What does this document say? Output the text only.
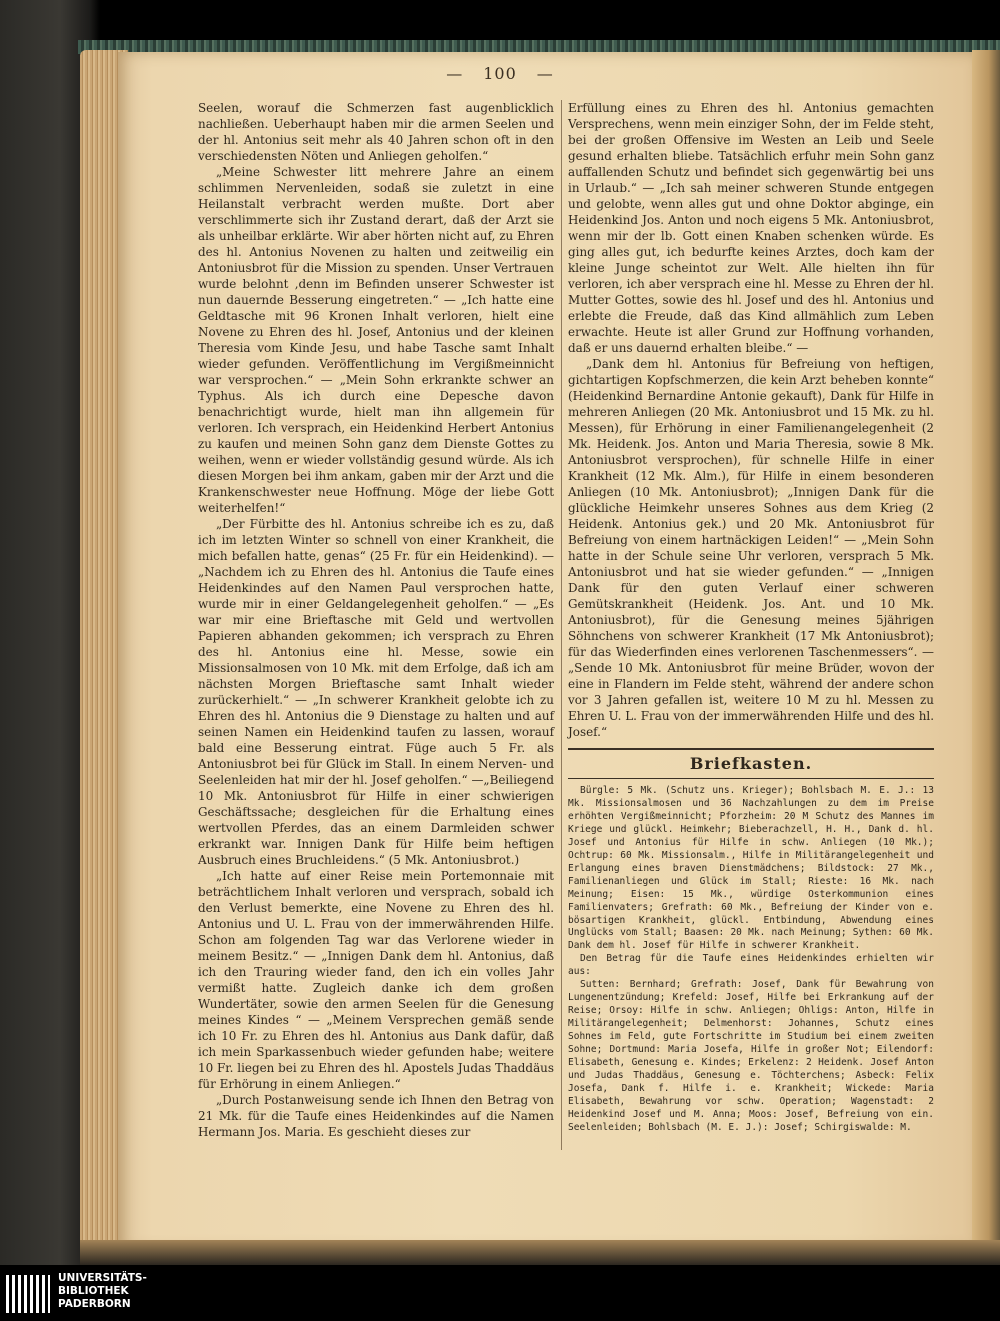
— 100 —

Seelen, worauf die Schmerzen fast augenblicklich nachließen. Ueberhaupt haben mir die armen Seelen und der hl. Antonius seit mehr als 40 Jahren schon oft in den verschiedensten Nöten und Anliegen geholfen.“

„Meine Schwester litt mehrere Jahre an einem schlimmen Nervenleiden, sodaß sie zuletzt in eine Heilanstalt verbracht werden mußte. Dort aber verschlimmerte sich ihr Zustand derart, daß der Arzt sie als unheilbar erklärte. Wir aber hörten nicht auf, zu Ehren des hl. Antonius Novenen zu halten und zeitweilig ein Antoniusbrot für die Mission zu spenden. Unser Vertrauen wurde belohnt ‚denn im Befinden unserer Schwester ist nun dauernde Besserung eingetreten.“ — „Ich hatte eine Geldtasche mit 96 Kronen Inhalt verloren, hielt eine Novene zu Ehren des hl. Josef, Antonius und der kleinen Theresia vom Kinde Jesu, und habe Tasche samt Inhalt wieder gefunden. Veröffentlichung im Vergißmeinnicht war versprochen.“ — „Mein Sohn erkrankte schwer an Typhus. Als ich durch eine Depesche davon benachrichtigt wurde, hielt man ihn allgemein für verloren. Ich versprach, ein Heidenkind Herbert Antonius zu kaufen und meinen Sohn ganz dem Dienste Gottes zu weihen, wenn er wieder vollständig gesund würde. Als ich diesen Morgen bei ihm ankam, gaben mir der Arzt und die Krankenschwester neue Hoffnung. Möge der liebe Gott weiterhelfen!“

„Der Fürbitte des hl. Antonius schreibe ich es zu, daß ich im letzten Winter so schnell von einer Krankheit, die mich befallen hatte, genas“ (25 Fr. für ein Heidenkind). — „Nachdem ich zu Ehren des hl. Antonius die Taufe eines Heidenkindes auf den Namen Paul versprochen hatte, wurde mir in einer Geldangelegenheit geholfen.“ — „Es war mir eine Brieftasche mit Geld und wertvollen Papieren abhanden gekommen; ich versprach zu Ehren des hl. Antonius eine hl. Messe, sowie ein Missionsalmosen von 10 Mk. mit dem Erfolge, daß ich am nächsten Morgen Brieftasche samt Inhalt wieder zurückerhielt.“ — „In schwerer Krankheit gelobte ich zu Ehren des hl. Antonius die 9 Dienstage zu halten und auf seinen Namen ein Heidenkind taufen zu lassen, worauf bald eine Besserung eintrat. Füge auch 5 Fr. als Antoniusbrot bei für Glück im Stall. In einem Nerven- und Seelenleiden hat mir der hl. Josef geholfen.“ —„Beiliegend 10 Mk. Antoniusbrot für Hilfe in einer schwierigen Geschäftssache; desgleichen für die Erhaltung eines wertvollen Pferdes, das an einem Darmleiden schwer erkrankt war. Innigen Dank für Hilfe beim heftigen Ausbruch eines Bruchleidens.“ (5 Mk. Antoniusbrot.)

„Ich hatte auf einer Reise mein Portemonnaie mit beträchtlichem Inhalt verloren und versprach, sobald ich den Verlust bemerkte, eine Novene zu Ehren des hl. Antonius und U. L. Frau von der immerwährenden Hilfe. Schon am folgenden Tag war das Verlorene wieder in meinem Besitz.“ — „Innigen Dank dem hl. Antonius, daß ich den Trauring wieder fand, den ich ein volles Jahr vermißt hatte. Zugleich danke ich dem großen Wundertäter, sowie den armen Seelen für die Genesung meines Kindes “ — „Meinem Versprechen gemäß sende ich 10 Fr. zu Ehren des hl. Antonius aus Dank dafür, daß ich mein Sparkassenbuch wieder gefunden habe; weitere 10 Fr. liegen bei zu Ehren des hl. Apostels Judas Thaddäus für Erhörung in einem Anliegen.“

„Durch Postanweisung sende ich Ihnen den Betrag von 21 Mk. für die Taufe eines Heidenkindes auf die Namen Hermann Jos. Maria. Es geschieht dieses zur

Erfüllung eines zu Ehren des hl. Antonius gemachten Versprechens, wenn mein einziger Sohn, der im Felde steht, bei der großen Offensive im Westen an Leib und Seele gesund erhalten bliebe. Tatsächlich erfuhr mein Sohn ganz auffallenden Schutz und befindet sich gegenwärtig bei uns in Urlaub.“ — „Ich sah meiner schweren Stunde entgegen und gelobte, wenn alles gut und ohne Doktor abginge, ein Heidenkind Jos. Anton und noch eigens 5 Mk. Antoniusbrot, wenn mir der lb. Gott einen Knaben schenken würde. Es ging alles gut, ich bedurfte keines Arztes, doch kam der kleine Junge scheintot zur Welt. Alle hielten ihn für verloren, ich aber versprach eine hl. Messe zu Ehren der hl. Mutter Gottes, sowie des hl. Josef und des hl. Antonius und erlebte die Freude, daß das Kind allmählich zum Leben erwachte. Heute ist aller Grund zur Hoffnung vorhanden, daß er uns dauernd erhalten bleibe.“ —

„Dank dem hl. Antonius für Befreiung von heftigen, gichtartigen Kopfschmerzen, die kein Arzt beheben konnte“ (Heidenkind Bernardine Antonie gekauft), Dank für Hilfe in mehreren Anliegen (20 Mk. Antoniusbrot und 15 Mk. zu hl. Messen), für Erhörung in einer Familienangelegenheit (2 Mk. Heidenk. Jos. Anton und Maria Theresia, sowie 8 Mk. Antoniusbrot versprochen), für schnelle Hilfe in einer Krankheit (12 Mk. Alm.), für Hilfe in einem besonderen Anliegen (10 Mk. Antoniusbrot); „Innigen Dank für die glückliche Heimkehr unseres Sohnes aus dem Krieg (2 Heidenk. Antonius gek.) und 20 Mk. Antoniusbrot für Befreiung von einem hartnäckigen Leiden!“ — „Mein Sohn hatte in der Schule seine Uhr verloren, versprach 5 Mk. Antoniusbrot und hat sie wieder gefunden.“ — „Innigen Dank für den guten Verlauf einer schweren Gemütskrankheit (Heidenk. Jos. Ant. und 10 Mk. Antoniusbrot), für die Genesung meines 5jährigen Söhnchens von schwerer Krankheit (17 Mk Antoniusbrot); für das Wiederfinden eines verlorenen Taschenmessers“. — „Sende 10 Mk. Antoniusbrot für meine Brüder, wovon der eine in Flandern im Felde steht, während der andere schon vor 3 Jahren gefallen ist, weitere 10 M zu hl. Messen zu Ehren U. L. Frau von der immerwährenden Hilfe und des hl. Josef.“

Briefkasten.

Bürgle: 5 Mk. (Schutz uns. Krieger); Bohlsbach M. E. J.: 13 Mk. Missionsalmosen und 36 Nachzahlungen zu dem im Preise erhöhten Vergißmeinnicht; Pforzheim: 20 M Schutz des Mannes im Kriege und glückl. Heimkehr; Bieberachzell, H. H., Dank d. hl. Josef und Antonius für Hilfe in schw. Anliegen (10 Mk.); Ochtrup: 60 Mk. Missionsalm., Hilfe in Militärangelegenheit und Erlangung eines braven Dienstmädchens; Bildstock: 27 Mk., Familienanliegen und Glück im Stall; Rieste: 16 Mk. nach Meinung; Eisen: 15 Mk., würdige Osterkommunion eines Familienvaters; Grefrath: 60 Mk., Befreiung der Kinder von e. bösartigen Krankheit, glückl. Entbindung, Abwendung eines Unglücks vom Stall; Baasen: 20 Mk. nach Meinung; Sythen: 60 Mk. Dank dem hl. Josef für Hilfe in schwerer Krankheit.

Den Betrag für die Taufe eines Heidenkindes erhielten wir aus:

Sutten: Bernhard; Grefrath: Josef, Dank für Bewahrung von Lungenentzündung; Krefeld: Josef, Hilfe bei Erkrankung auf der Reise; Orsoy: Hilfe in schw. Anliegen; Ohligs: Anton, Hilfe in Militärangelegenheit; Delmenhorst: Johannes, Schutz eines Sohnes im Feld, gute Fortschritte im Studium bei einem zweiten Sohne; Dortmund: Maria Josefa, Hilfe in großer Not; Eilendorf: Elisabeth, Genesung e. Kindes; Erkelenz: 2 Heidenk. Josef Anton und Judas Thaddäus, Genesung e. Töchterchens; Asbeck: Felix Josefa, Dank f. Hilfe i. e. Krankheit; Wickede: Maria Elisabeth, Bewahrung vor schw. Operation; Wagenstadt: 2 Heidenkind Josef und M. Anna; Moos: Josef, Befreiung von ein. Seelenleiden; Bohlsbach (M. E. J.): Josef; Schirgiswalde: M.

UNIVERSITÄTS-
BIBLIOTHEK
PADERBORN
